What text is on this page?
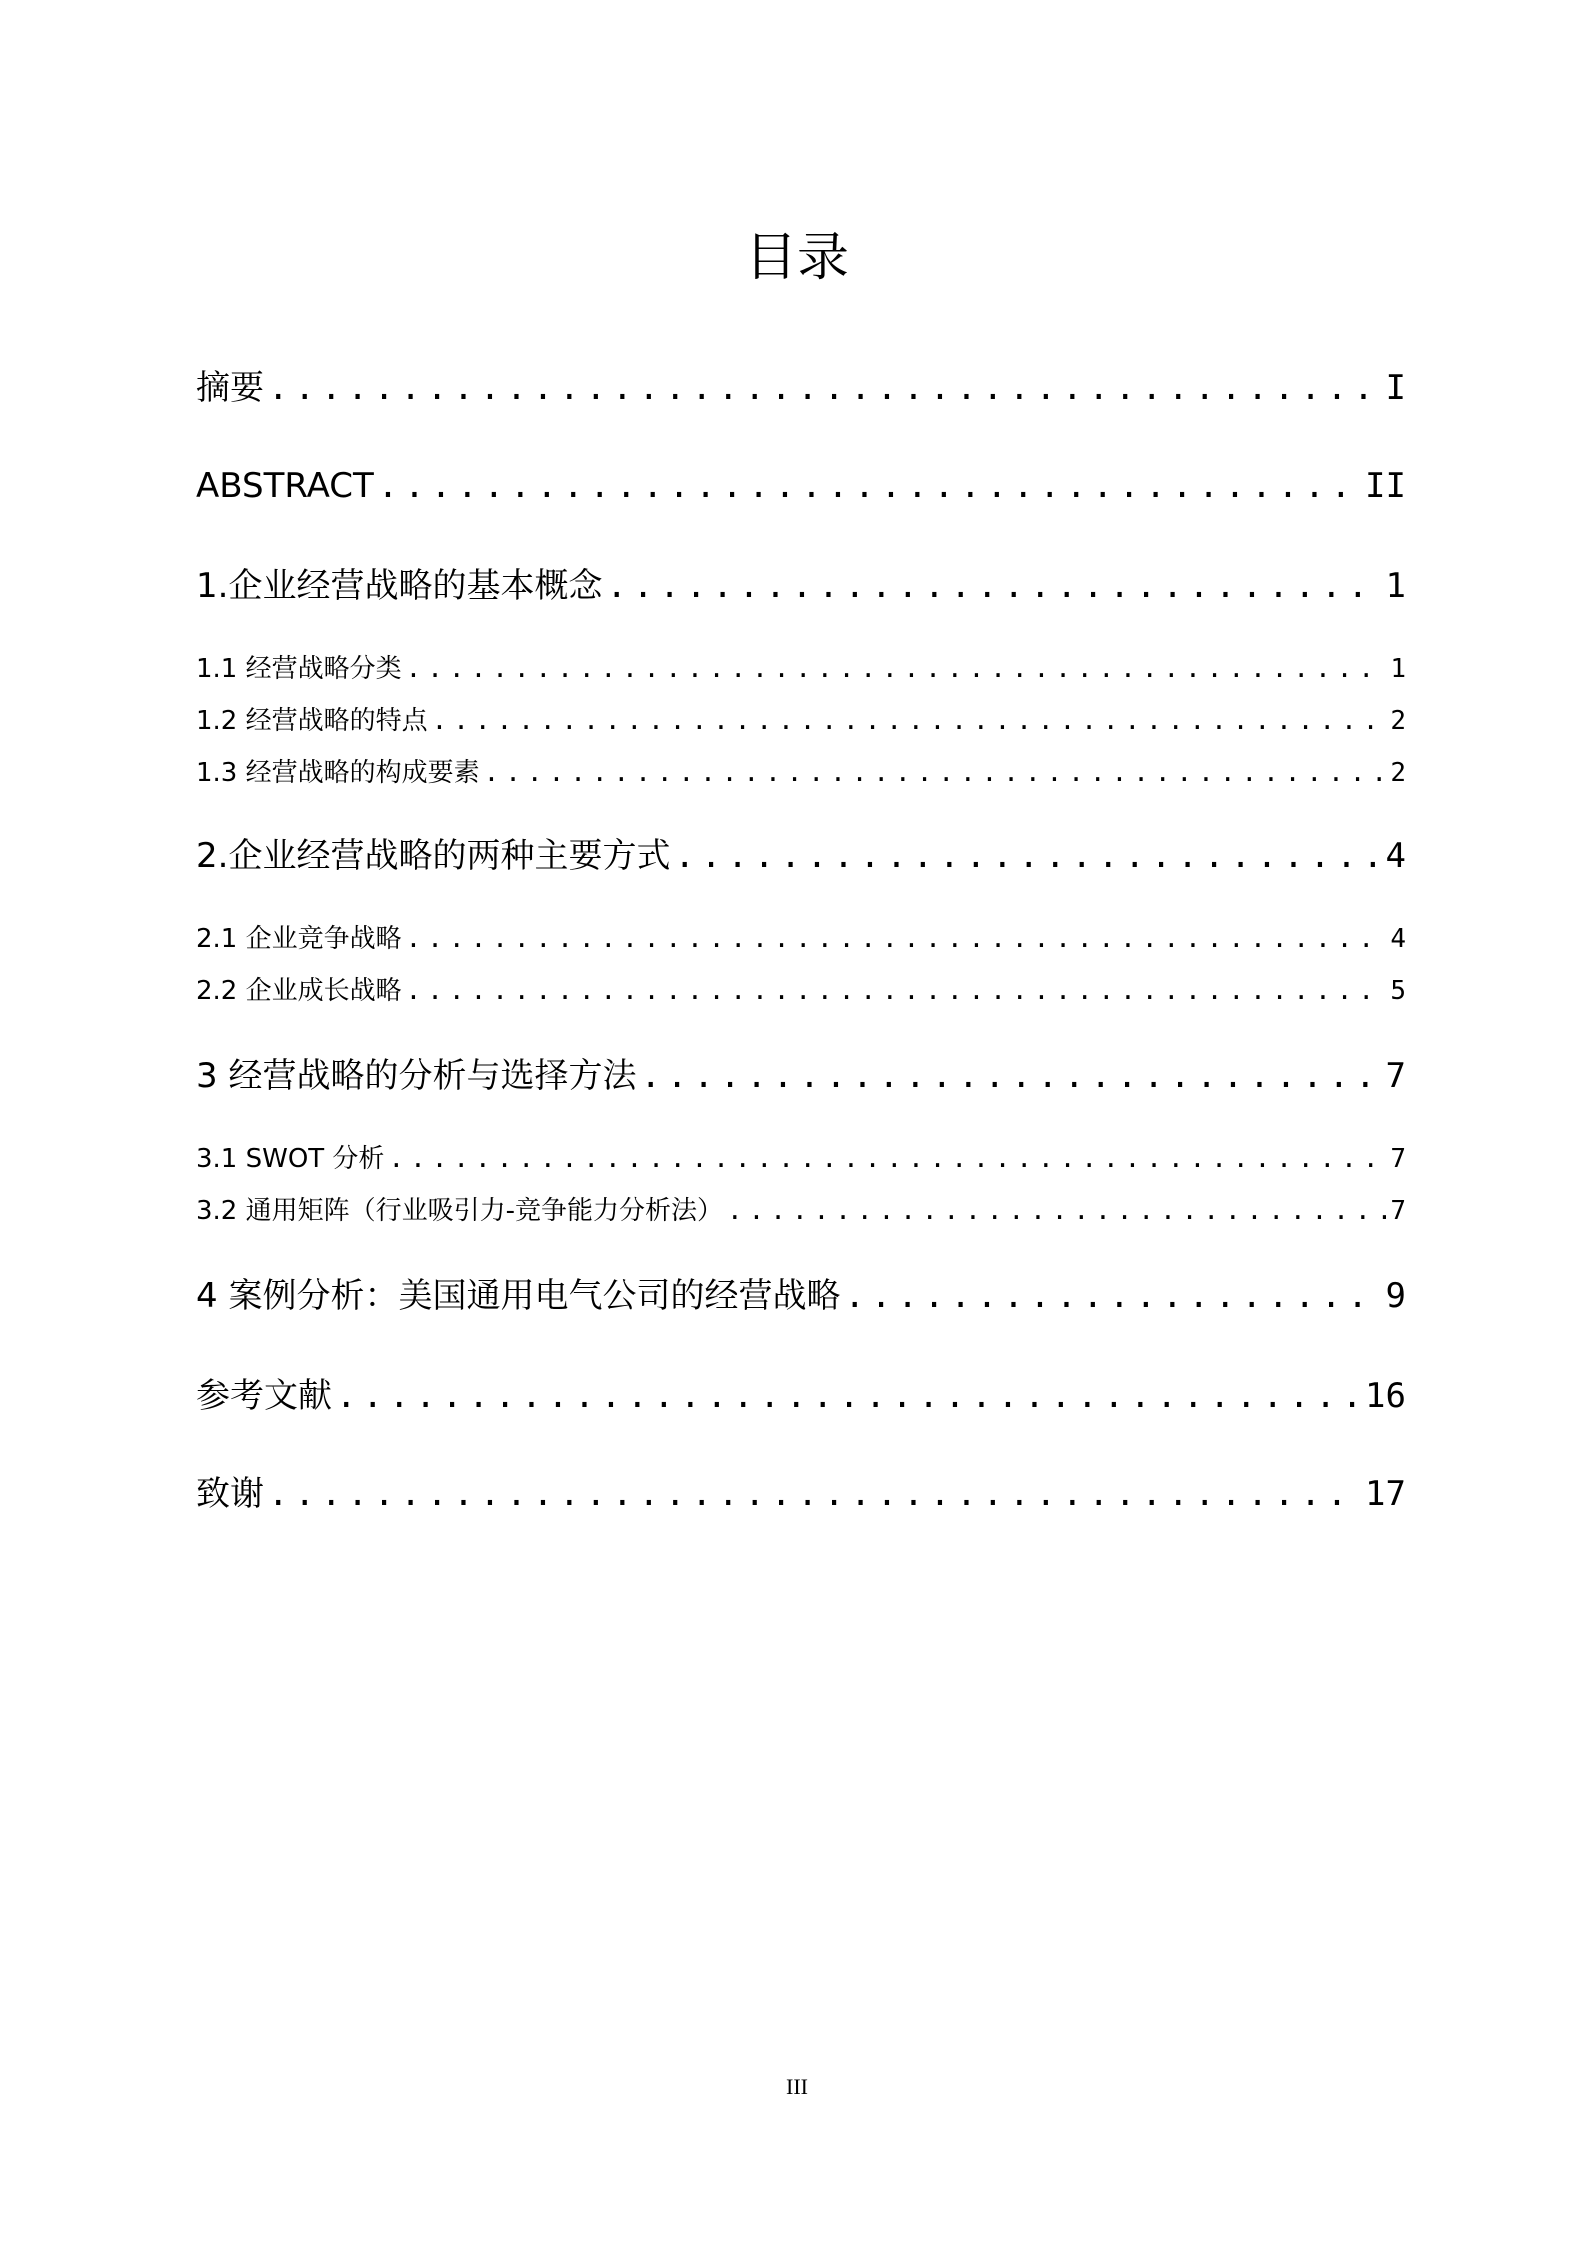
目录
摘要 .....	I
ABSTRACT .....	II
1.企业经营战略的基本概念 .....	1
1.1 经营战略分类 .....	1
1.2 经营战略的特点 .....	2
1.3 经营战略的构成要素 .....	2
2.企业经营战略的两种主要方式 .....	4
2.1 企业竞争战略 .....	4
2.2 企业成长战略 .....	5
3 经营战略的分析与选择方法 .....	7
3.1 SWOT 分析 .....	7
3.2 通用矩阵（行业吸引力-竞争能力分析法） .....	7
4 案例分析：美国通用电气公司的经营战略 .....	9
参考文献 .....	16
致谢 .....	17
III
